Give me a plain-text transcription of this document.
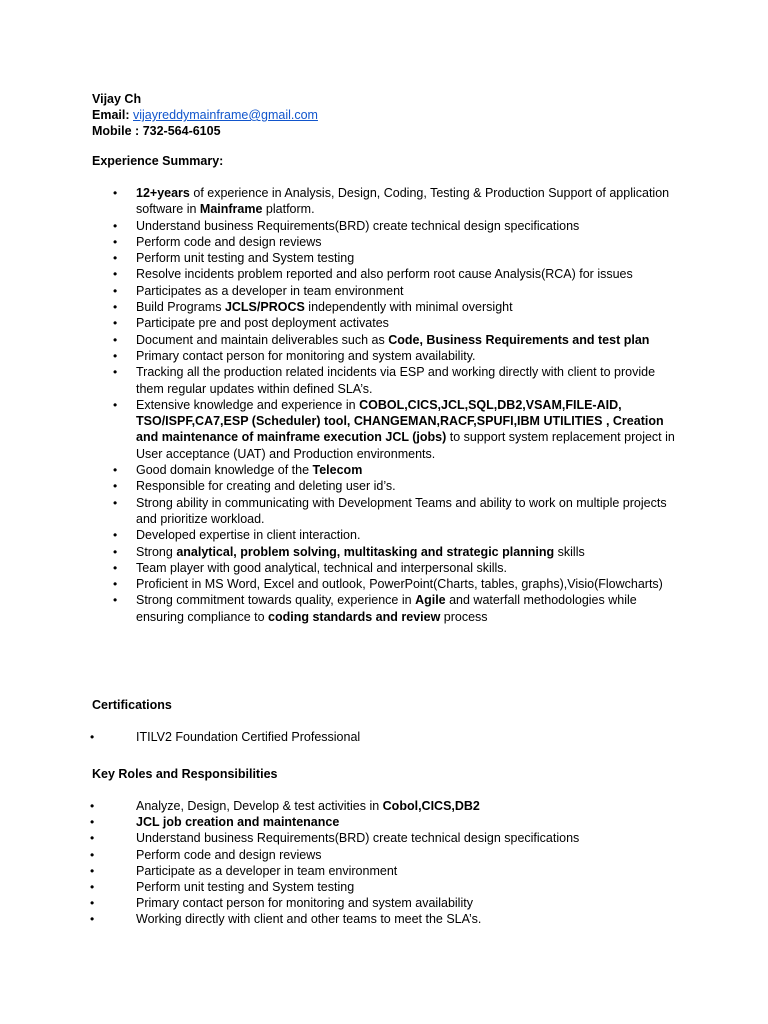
Vijay Ch
Email: vijayreddymainframe@gmail.com
Mobile : 732-564-6105
Experience Summary:
• 12+years of experience in Analysis, Design, Coding, Testing & Production Support of application software in Mainframe platform.
• Understand business Requirements(BRD) create technical design specifications
• Perform code and design reviews
• Perform unit testing and System testing
• Resolve incidents problem reported and also perform root cause Analysis(RCA) for issues
• Participates as a developer in team environment
• Build Programs JCLS/PROCS independently with minimal oversight
• Participate pre and post deployment activates
• Document and maintain deliverables such as Code, Business Requirements and test plan
• Primary contact person for monitoring and system availability.
• Tracking all the production related incidents via ESP and working directly with client to provide them regular updates within defined SLA’s.
• Extensive knowledge and experience in COBOL,CICS,JCL,SQL,DB2,VSAM,FILE-AID, TSO/ISPF,CA7,ESP (Scheduler) tool, CHANGEMAN,RACF,SPUFI,IBM UTILITIES , Creation and maintenance of mainframe execution JCL (jobs) to support system replacement project in User acceptance (UAT) and Production environments.
• Good domain knowledge of the Telecom
• Responsible for creating and deleting user id’s.
• Strong ability in communicating with Development Teams and ability to work on multiple projects and prioritize workload.
• Developed expertise in client interaction.
• Strong analytical, problem solving, multitasking and strategic planning skills
• Team player with good analytical, technical and interpersonal skills.
• Proficient in MS Word, Excel and outlook, PowerPoint(Charts, tables, graphs),Visio(Flowcharts)
• Strong commitment towards quality, experience in Agile and waterfall methodologies while ensuring compliance to coding standards and review process
Certifications
•	ITILV2 Foundation Certified Professional
Key Roles and Responsibilities
•	Analyze, Design, Develop & test activities in Cobol,CICS,DB2
•	JCL job creation and maintenance
•	Understand business Requirements(BRD) create technical design specifications
•	Perform code and design reviews
•	Participate as a developer in team environment
•	Perform unit testing and System testing
•	Primary contact person for monitoring and system availability
•	Working directly with client and other teams to meet the SLA’s.
